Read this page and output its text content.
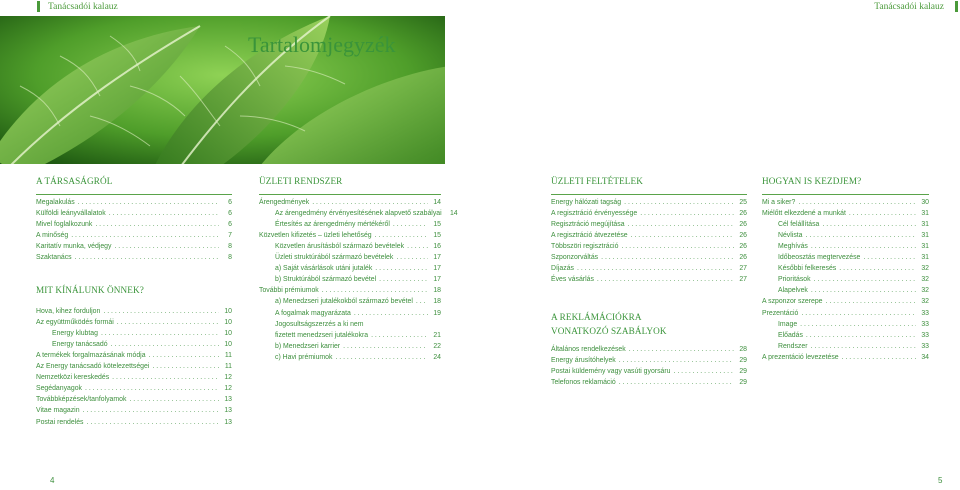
Tanácsadói kalauz	Tanácsadói kalauz
Tartalomjegyzék
A TÁRSASÁGRÓL
Megalakulás . . .	6
Külföldi leányvállalatok . . .	6
Mivel foglalkozunk . . .	6
A minőség . . .	7
Karitatív munka, védjegy . . .	8
Szaktanács . . .	8
MIT KÍNÁLUNK ÖNNEK?
Hova, kihez forduljon . . .	10
Az együttműködés formái . . .	10
Energy klubtag . . .	10
Energy tanácsadó . . .	10
A termékek forgalmazásának módja . . .	11
Az Energy tanácsadó kötelezettségei . . .	11
Nemzetközi kereskedés . . .	12
Segédanyagok . . .	12
Továbbképzések/tanfolyamok . . .	13
Vitae magazin . . .	13
Postai rendelés . . .	13
ÜZLETI RENDSZER
Árengedmények . . .	14
Az árengedmény érvényesítésének alapvető szabályai	14
Értesítés az árengedmény mértékéről . . .	15
Közvetlen kifizetés – üzleti lehetőség . . .	15
Közvetlen árusításból származó bevételek . . .	16
Üzleti struktúrából származó bevételek . . .	17
a) Saját vásárlások utáni jutalék . . .	17
b) Struktúrából származó bevétel . . .	17
További prémiumok . . .	18
a) Menedzseri jutalékokból származó bevétel . . .	18
A fogalmak magyarázata . . .	19
Jogosultságszerzés a ki nem
fizetett menedzseri jutalékokra . . .	21
b) Menedzseri karrier . . .	22
c) Havi prémiumok . . .	24
ÜZLETI FELTÉTELEK
Energy hálózati tagság . . .	25
A regisztráció érvényessége . . .	26
Regisztráció megújítása . . .	26
A regisztráció átvezetése . . .	26
Többszöri regisztráció . . .	26
Szponzorváltás . . .	26
Díjazás . . .	27
Éves vásárlás . . .	27
A REKLÁMÁCIÓKRA
VONATKOZÓ SZABÁLYOK
Általános rendelkezések . . .	28
Energy árusítóhelyek . . .	29
Postai küldemény vagy vasúti gyorsáru . . .	29
Telefonos reklamáció . . .	29
HOGYAN IS KEZDJEM?
Mi a siker? . . .	30
Miélőtt elkezdené a munkát . . .	31
Cél felállítása . . .	31
Névlista . . .	31
Meghívás . . .	31
Időbeosztás megtervezése . . .	31
Későbbi felkeresés . . .	32
Prioritások . . .	32
Alapelvek . . .	32
A szponzor szerepe . . .	32
Prezentáció . . .	33
Image . . .	33
Előadás . . .	33
Rendszer . . .	33
A prezentáció levezetése . . .	34
4	5
